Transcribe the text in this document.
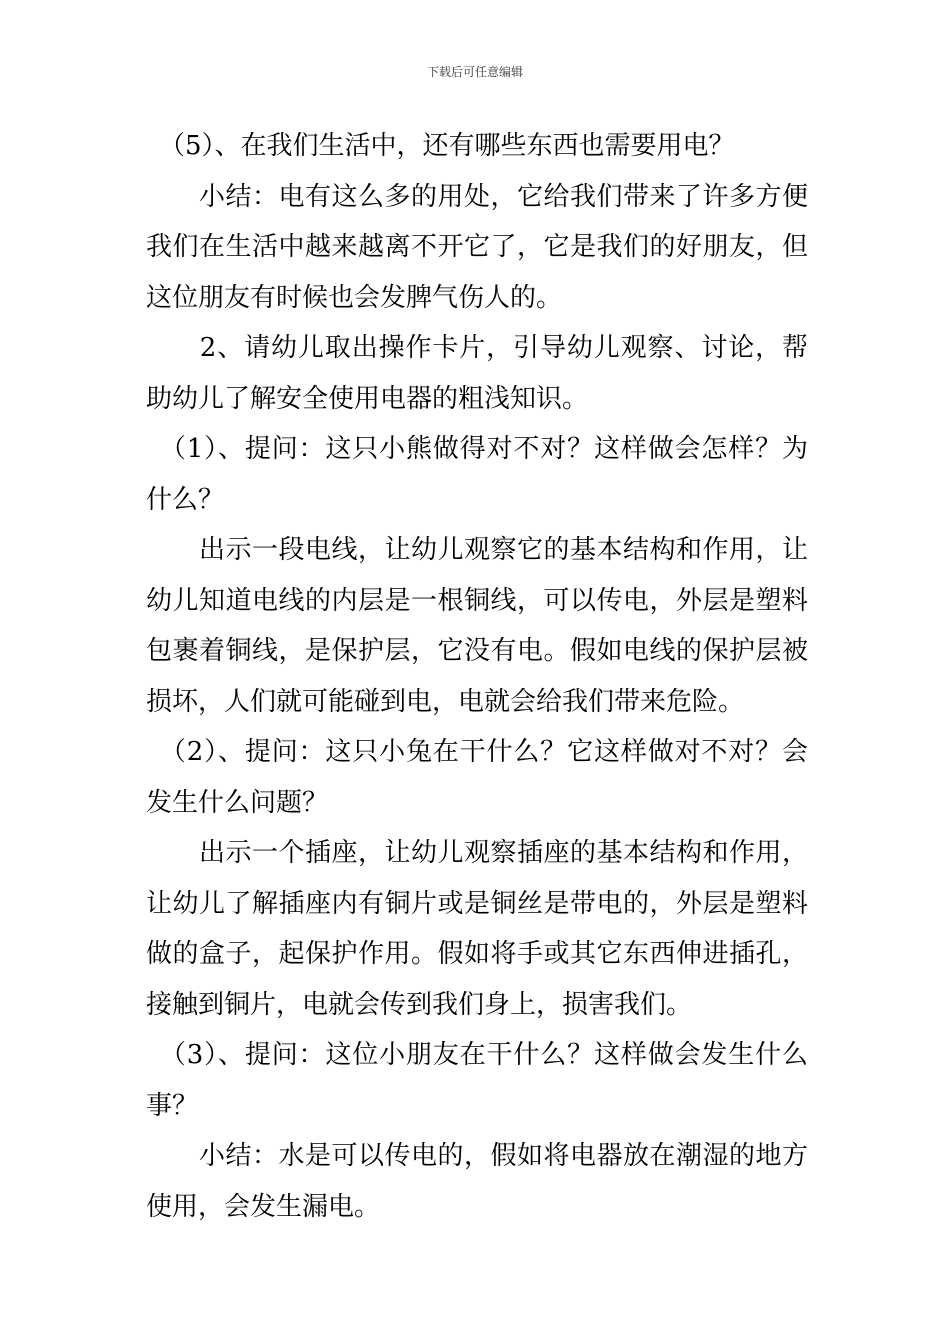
下载后可任意编辑

　（5）、在我们生活中，还有哪些东西也需要用电？

　　小结：电有这么多的用处，它给我们带来了许多方便我们在生活中越来越离不开它了，它是我们的好朋友，但这位朋友有时候也会发脾气伤人的。

　　2、请幼儿取出操作卡片，引导幼儿观察、讨论，帮助幼儿了解安全使用电器的粗浅知识。

　（1）、提问：这只小熊做得对不对？这样做会怎样？为什么？

　　出示一段电线，让幼儿观察它的基本结构和作用，让幼儿知道电线的内层是一根铜线，可以传电，外层是塑料包裹着铜线，是保护层，它没有电。假如电线的保护层被损坏，人们就可能碰到电，电就会给我们带来危险。

　（2）、提问：这只小兔在干什么？它这样做对不对？会发生什么问题？

　　出示一个插座，让幼儿观察插座的基本结构和作用，让幼儿了解插座内有铜片或是铜丝是带电的，外层是塑料做的盒子，起保护作用。假如将手或其它东西伸进插孔，接触到铜片，电就会传到我们身上，损害我们。

　（3）、提问：这位小朋友在干什么？这样做会发生什么事？

　　小结：水是可以传电的，假如将电器放在潮湿的地方使用，会发生漏电。
